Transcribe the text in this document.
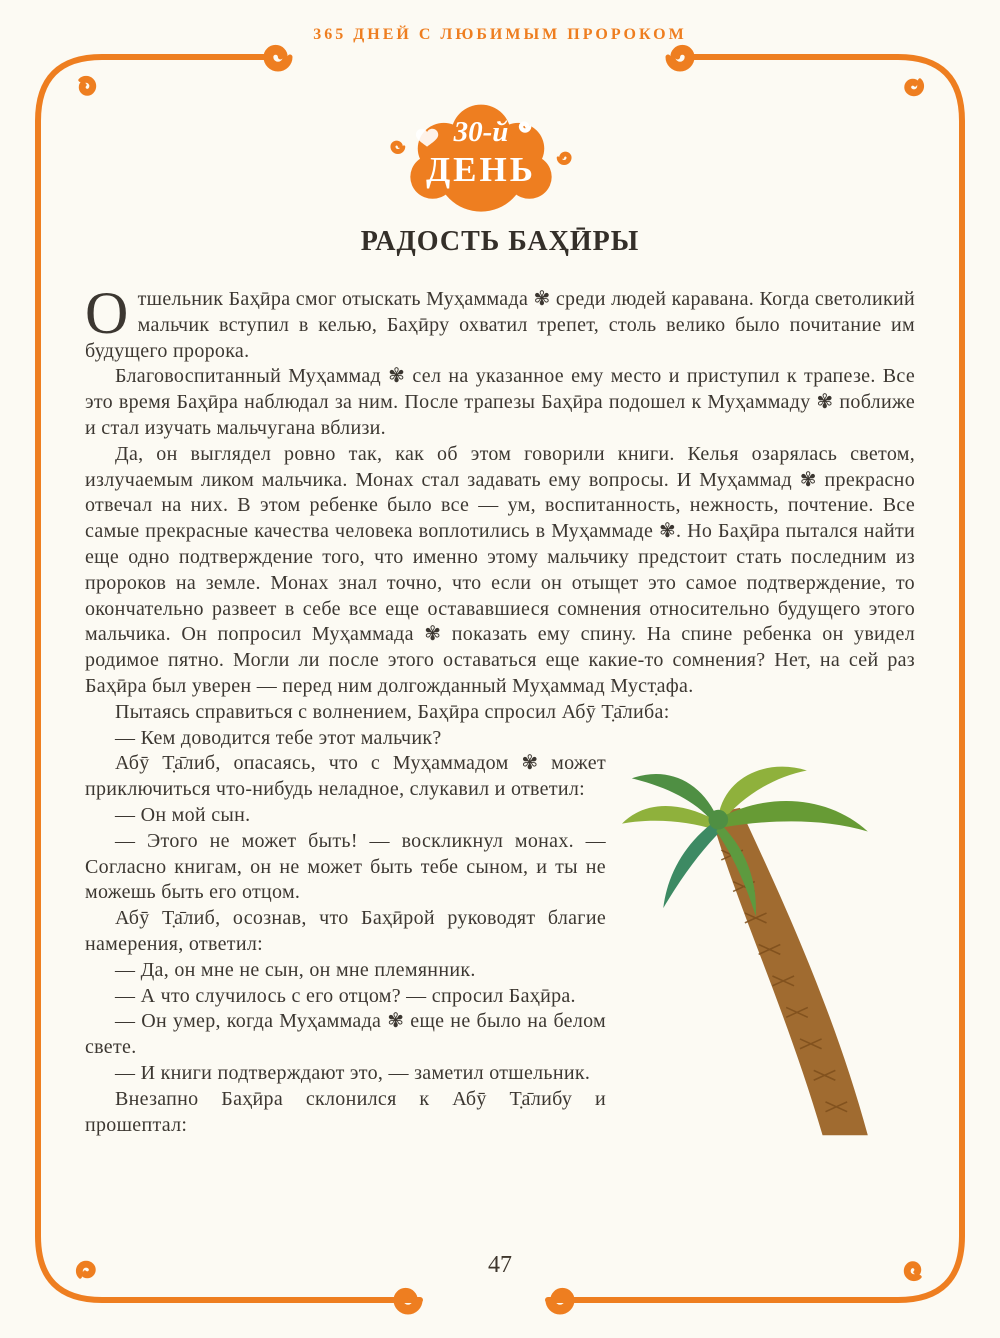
365 ДНЕЙ С ЛЮБИМЫМ ПРОРОКОМ
30-й
ДЕНЬ
РАДОСТЬ БАҲӢРЫ

Отшельник Баҳӣра смог отыскать Муҳаммада ✾ среди людей каравана. Когда светоликий мальчик вступил в келью, Баҳӣру охватил трепет, столь велико было почитание им будущего пророка.

Благовоспитанный Муҳаммад ✾ сел на указанное ему место и приступил к трапезе. Все это время Баҳӣра наблюдал за ним. После трапезы Баҳӣра подошел к Муҳаммаду ✾ поближе и стал изучать мальчугана вблизи.

Да, он выглядел ровно так, как об этом говорили книги. Келья озарялась светом, излучаемым ликом мальчика. Монах стал задавать ему вопросы. И Муҳаммад ✾ прекрасно отвечал на них. В этом ребенке было все — ум, воспитанность, нежность, почтение. Все самые прекрасные качества человека воплотились в Муҳаммаде ✾. Но Баҳӣра пытался найти еще одно подтверждение того, что именно этому мальчику предстоит стать последним из пророков на земле. Монах знал точно, что если он отыщет это самое подтверждение, то окончательно развеет в себе все еще остававшиеся сомнения относительно будущего этого мальчика. Он попросил Муҳаммада ✾ показать ему спину. На спине ребенка он увидел родимое пятно. Могли ли после этого оставаться еще какие-то сомнения? Нет, на сей раз Баҳӣра был уверен — перед ним долгожданный Муҳаммад Муст̣афа.

Пытаясь справиться с волнением, Баҳӣра спросил Абӯ Т̣а̄либа:

— Кем доводится тебе этот мальчик?

Абӯ Т̣а̄либ, опасаясь, что с Муҳаммадом ✾ может приключиться что-нибудь неладное, слукавил и ответил:

— Он мой сын.

— Этого не может быть! — воскликнул монах. — Согласно книгам, он не может быть тебе сыном, и ты не можешь быть его отцом.

Абӯ Т̣а̄либ, осознав, что Баҳӣрой руководят благие намерения, ответил:

— Да, он мне не сын, он мне племянник.

— А что случилось с его отцом? — спросил Баҳӣра.

— Он умер, когда Муҳаммада ✾ еще не было на белом свете.

— И книги подтверждают это, — заметил отшельник.

Внезапно Баҳӣра склонился к Абӯ Т̣а̄либу и прошептал:

47
